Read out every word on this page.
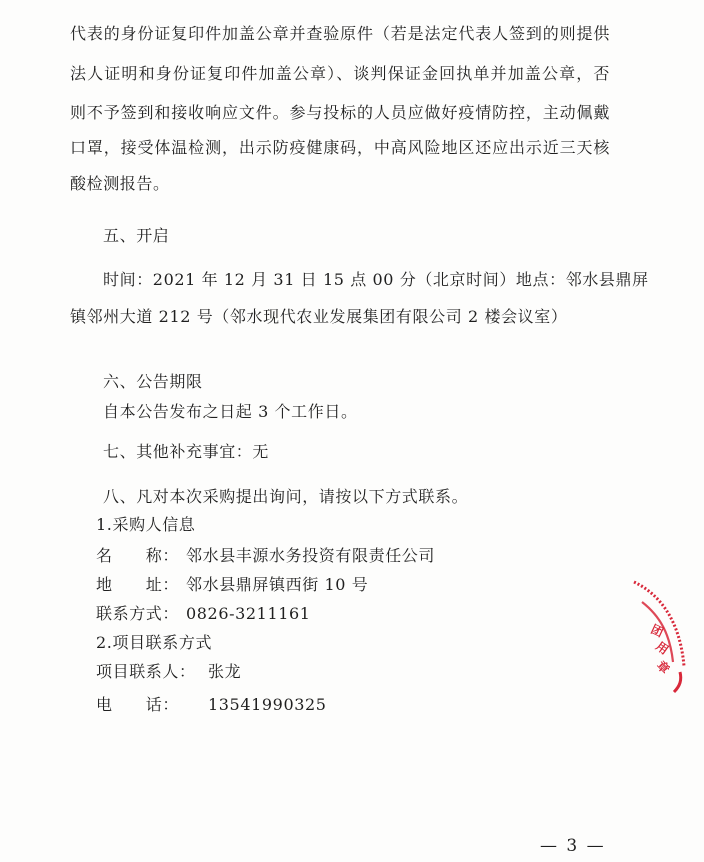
代表的身份证复印件加盖公章并查验原件（若是法定代表人签到的则提供
法人证明和身份证复印件加盖公章）、谈判保证金回执单并加盖公章，否
则不予签到和接收响应文件。参与投标的人员应做好疫情防控，主动佩戴
口罩，接受体温检测，出示防疫健康码，中高风险地区还应出示近三天核
酸检测报告。
五、开启
时间：2021 年 12 月 31 日 15 点 00 分（北京时间）地点：邻水县鼎屏
镇邻州大道 212 号（邻水现代农业发展集团有限公司 2 楼会议室）
六、公告期限
自本公告发布之日起 3 个工作日。
七、其他补充事宜：无
八、凡对本次采购提出询问，请按以下方式联系。
1.采购人信息
名　　称： 邻水县丰源水务投资有限责任公司
地　　址： 邻水县鼎屏镇西街 10 号
联系方式： 0826-3211161
2.项目联系方式
项目联系人： 张龙
电　　话： 13541990325
团
用
章
— 3 —
